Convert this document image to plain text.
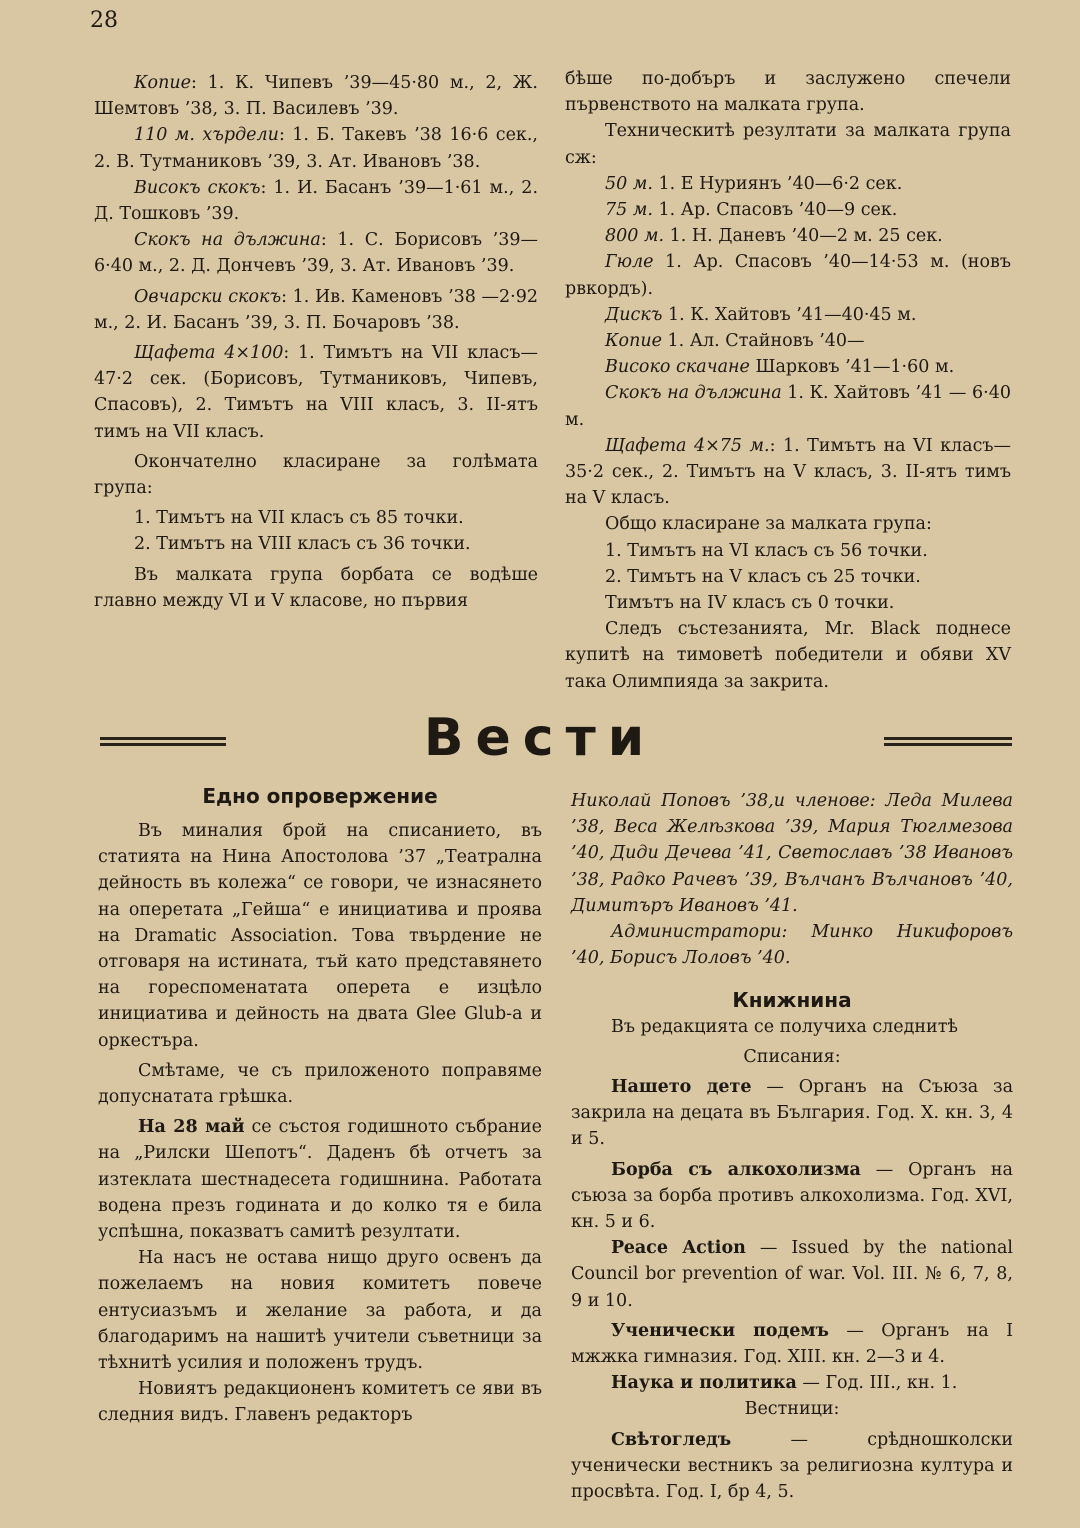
28

Копие: 1. К. Чипевъ ’39—45·80 м., 2, Ж. Шемтовъ ’38, 3. П. Василевъ ’39.

110 м. хърдели: 1. Б. Такевъ ’38 16·6 сек., 2. В. Тутманиковъ ’39, 3. Ат. Ивановъ ’38.

Високъ скокъ: 1. И. Басанъ ’39—1·61 м., 2. Д. Тошковъ ’39.

Скокъ на дължина: 1. С. Борисовъ ’39—6·40 м., 2. Д. Дончевъ ’39, 3. Ат. Ивановъ ’39.

Овчарски скокъ: 1. Ив. Каменовъ ’38 —2·92 м., 2. И. Басанъ ’39, 3. П. Бочаровъ ’38.

Щафета 4×100: 1. Тимътъ на VII класъ—47·2 сек. (Борисовъ, Тутманиковъ, Чипевъ, Спасовъ), 2. Тимътъ на VIII класъ, 3. II-ятъ тимъ на VII класъ.

Окончателно класиране за голѣмата група:

1. Тимътъ на VII класъ съ 85 точки.

2. Тимътъ на VIII класъ съ 36 точки.

Въ малката група борбата се водѣше главно между VI и V класове, но първия

бѣше по-добъръ и заслужено спечели първенството на малката група.

Техническитѣ резултати за малката група сж:

50 м. 1. Е Нуриянъ ’40—6·2 сек.

75 м. 1. Ар. Спасовъ ’40—9 сек.

800 м. 1. Н. Даневъ ’40—2 м. 25 сек.

Гюле 1. Ар. Спасовъ ’40—14·53 м. (новъ рвкордъ).

Дискъ 1. К. Хайтовъ ’41—40·45 м.

Копие 1. Ал. Стайновъ ’40—

Високо скачане Шарковъ ’41—1·60 м.

Скокъ на дължина 1. К. Хайтовъ ’41 — 6·40 м.

Щафета 4×75 м.: 1. Тимътъ на VI класъ—35·2 сек., 2. Тимътъ на V класъ, 3. II-ятъ тимъ на V класъ.

Общо класиране за малката група:

1. Тимътъ на VI класъ съ 56 точки.

2. Тимътъ на V класъ съ 25 точки.

Тимътъ на IV класъ съ 0 точки.

Следъ състезанията, Mr. Black поднесе купитѣ на тимоветѣ победители и обяви XV така Олимпияда за закрита.

Вести
Едно опровержение

Въ миналия брой на списанието, въ статията на Нина Апостолова ’37 „Театрална дейность въ колежа“ се говори, че изнасянето на оперетата „Гейша“ е инициатива и проява на Dramatic Association. Това твърдение не отговаря на истината, тъй като представянето на гореспоменатата оперета е изцѣло инициатива и дейность на двата Glee Glub-а и оркестъра.

Смѣтаме, че съ приложеното поправяме допуснатата грѣшка.

На 28 май се състоя годишното събрание на „Рилски Шепотъ“. Даденъ бѣ отчетъ за изтеклата шестнадесета годишнина. Работата водена презъ годината и до колко тя е била успѣшна, показватъ самитѣ резултати.

На насъ не остава нищо друго освенъ да пожелаемъ на новия комитетъ повече ентусиазъмъ и желание за работа, и да благодаримъ на нашитѣ учители съветници за тѣхнитѣ усилия и положенъ трудъ.

Новиятъ редакционенъ комитетъ се яви въ следния видъ. Главенъ редакторъ

Николай Поповъ ’38,и членове: Леда Милева ’38, Веса Желѣзкова ’39, Мария Тюглмезова ’40, Диди Дечева ’41, Светославъ ’38 Ивановъ ’38, Радко Рачевъ ’39, Вълчанъ Вълчановъ ’40, Димитъръ Ивановъ ’41.

Администратори: Минко Никифоровъ ’40, Борисъ Лоловъ ’40.

Книжнина

Въ редакцията се получиха следнитѣ

Списания:

Нашето дете — Органъ на Съюза за закрила на децата въ България. Год. X. кн. 3, 4 и 5.

Борба съ алкохолизма — Органъ на съюза за борба противъ алкохолизма. Год. XVI, кн. 5 и 6.

Peace Action — Issued by the national Council bor prevention of war. Vol. III. № 6, 7, 8, 9 и 10.

Ученически подемъ — Органъ на I мжжка гимназия. Год. XIII. кн. 2—3 и 4.

Наука и политика — Год. III., кн. 1.

Вестници:

Свѣтогледъ — срѣдношколски ученически вестникъ за религиозна култура и просвѣта. Год. I, бр 4, 5.
